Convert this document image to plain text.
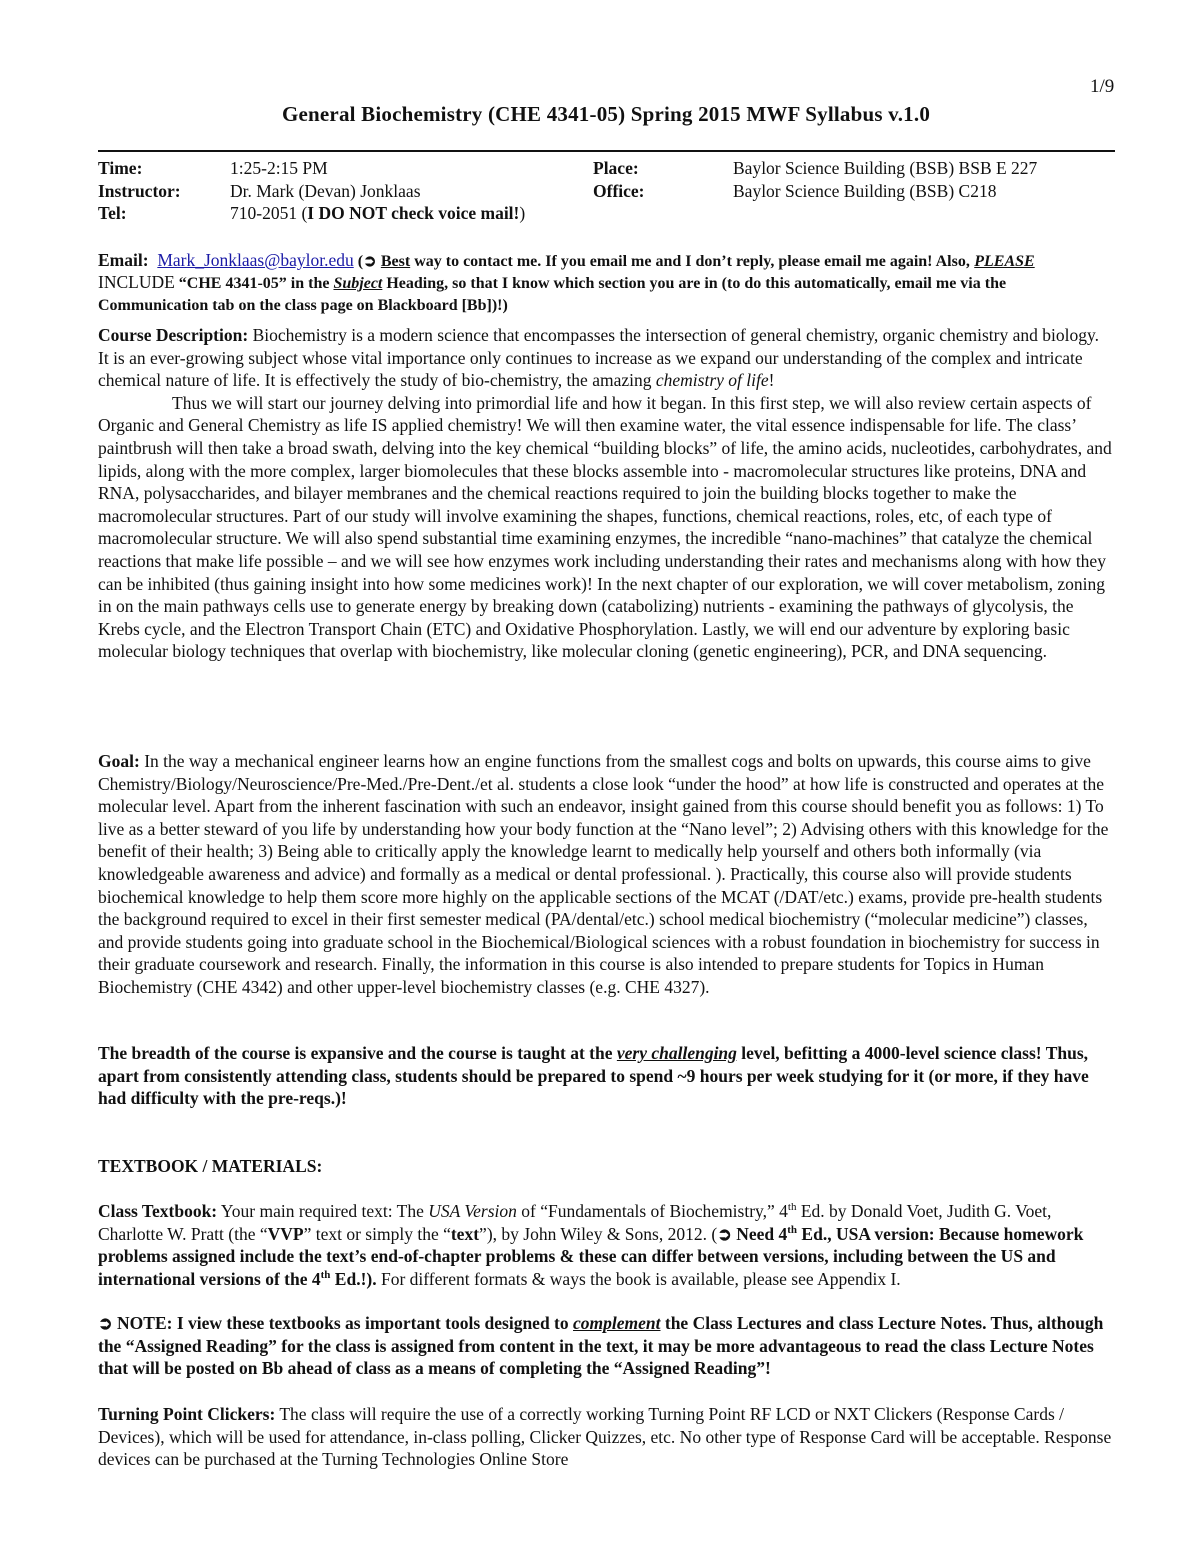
1/9
General Biochemistry (CHE 4341-05) Spring 2015 MWF Syllabus v.1.0
Time:	1:25-2:15 PM	Place:	Baylor Science Building (BSB) BSB E 227
Instructor:	Dr. Mark (Devan) Jonklaas	Office:	Baylor Science Building (BSB) C218
Tel:	710-2051 (I DO NOT check voice mail!)
Email: Mark_Jonklaas@baylor.edu (➲ Best way to contact me. If you email me and I don’t reply, please email me again! Also, PLEASE INCLUDE “CHE 4341-05” in the Subject Heading, so that I know which section you are in (to do this automatically, email me via the Communication tab on the class page on Blackboard [Bb])!)

Course Description: Biochemistry is a modern science that encompasses the intersection of general chemistry, organic chemistry and biology. It is an ever-growing subject whose vital importance only continues to increase as we expand our understanding of the complex and intricate chemical nature of life. It is effectively the study of bio-chemistry, the amazing chemistry of life!

Thus we will start our journey delving into primordial life and how it began. In this first step, we will also review certain aspects of Organic and General Chemistry as life IS applied chemistry! We will then examine water, the vital essence indispensable for life. The class’ paintbrush will then take a broad swath, delving into the key chemical “building blocks” of life, the amino acids, nucleotides, carbohydrates, and lipids, along with the more complex, larger biomolecules that these blocks assemble into - macromolecular structures like proteins, DNA and RNA, polysaccharides, and bilayer membranes and the chemical reactions required to join the building blocks together to make the macromolecular structures. Part of our study will involve examining the shapes, functions, chemical reactions, roles, etc, of each type of macromolecular structure. We will also spend substantial time examining enzymes, the incredible “nano-machines” that catalyze the chemical reactions that make life possible – and we will see how enzymes work including understanding their rates and mechanisms along with how they can be inhibited (thus gaining insight into how some medicines work)! In the next chapter of our exploration, we will cover metabolism, zoning in on the main pathways cells use to generate energy by breaking down (catabolizing) nutrients - examining the pathways of glycolysis, the Krebs cycle, and the Electron Transport Chain (ETC) and Oxidative Phosphorylation. Lastly, we will end our adventure by exploring basic molecular biology techniques that overlap with biochemistry, like molecular cloning (genetic engineering), PCR, and DNA sequencing.

Goal: In the way a mechanical engineer learns how an engine functions from the smallest cogs and bolts on upwards, this course aims to give Chemistry/Biology/Neuroscience/Pre-Med./Pre-Dent./et al. students a close look “under the hood” at how life is constructed and operates at the molecular level. Apart from the inherent fascination with such an endeavor, insight gained from this course should benefit you as follows: 1) To live as a better steward of you life by understanding how your body function at the “Nano level”; 2) Advising others with this knowledge for the benefit of their health; 3) Being able to critically apply the knowledge learnt to medically help yourself and others both informally (via knowledgeable awareness and advice) and formally as a medical or dental professional. ). Practically, this course also will provide students biochemical knowledge to help them score more highly on the applicable sections of the MCAT (/DAT/etc.) exams, provide pre-health students the background required to excel in their first semester medical (PA/dental/etc.) school medical biochemistry (“molecular medicine”) classes, and provide students going into graduate school in the Biochemical/Biological sciences with a robust foundation in biochemistry for success in their graduate coursework and research. Finally, the information in this course is also intended to prepare students for Topics in Human Biochemistry (CHE 4342) and other upper-level biochemistry classes (e.g. CHE 4327).
The breadth of the course is expansive and the course is taught at the very challenging level, befitting a 4000-level science class! Thus, apart from consistently attending class, students should be prepared to spend ~9 hours per week studying for it (or more, if they have had difficulty with the pre-reqs.)!
TEXTBOOK / MATERIALS:
Class Textbook: Your main required text: The USA Version of “Fundamentals of Biochemistry,” 4th Ed. by Donald Voet, Judith G. Voet, Charlotte W. Pratt (the “VVP” text or simply the “text”), by John Wiley & Sons, 2012. (➲ Need 4th Ed., USA version: Because homework problems assigned include the text’s end-of-chapter problems & these can differ between versions, including between the US and international versions of the 4th Ed.!). For different formats & ways the book is available, please see Appendix I.
➲ NOTE: I view these textbooks as important tools designed to complement the Class Lectures and class Lecture Notes. Thus, although the “Assigned Reading” for the class is assigned from content in the text, it may be more advantageous to read the class Lecture Notes that will be posted on Bb ahead of class as a means of completing the “Assigned Reading”!
Turning Point Clickers: The class will require the use of a correctly working Turning Point RF LCD or NXT Clickers (Response Cards / Devices), which will be used for attendance, in-class polling, Clicker Quizzes, etc. No other type of Response Card will be acceptable. Response devices can be purchased at the Turning Technologies Online Store
